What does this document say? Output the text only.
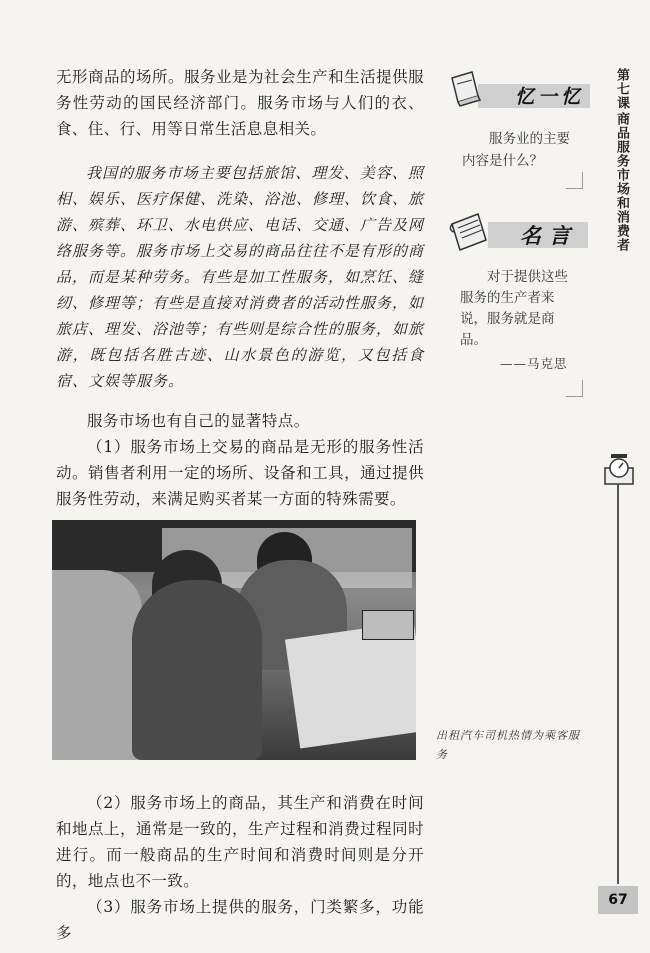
无形商品的场所。服务业是为社会生产和生活提供服务性劳动的国民经济部门。服务市场与人们的衣、食、住、行、用等日常生活息息相关。

我国的服务市场主要包括旅馆、理发、美容、照相、娱乐、医疗保健、洗染、浴池、修理、饮食、旅游、殡葬、环卫、水电供应、电话、交通、广告及网络服务等。服务市场上交易的商品往往不是有形的商品，而是某种劳务。有些是加工性服务，如烹饪、缝纫、修理等；有些是直接对消费者的活动性服务，如旅店、理发、浴池等；有些则是综合性的服务，如旅游，既包括名胜古迹、山水景色的游览，又包括食宿、文娱等服务。

服务市场也有自己的显著特点。

（1）服务市场上交易的商品是无形的服务性活动。销售者利用一定的场所、设备和工具，通过提供服务性劳动，来满足购买者某一方面的特殊需要。

出租汽车司机热情为乘客服务

（2）服务市场上的商品，其生产和消费在时间和地点上，通常是一致的，生产过程和消费过程同时进行。而一般商品的生产时间和消费时间则是分开的，地点也不一致。

（3）服务市场上提供的服务，门类繁多，功能多

忆一忆

服务业的主要内容是什么？

名言

对于提供这些服务的生产者来说，服务就是商品。

——马克思
第七课
商品服务市场和消费者
67
